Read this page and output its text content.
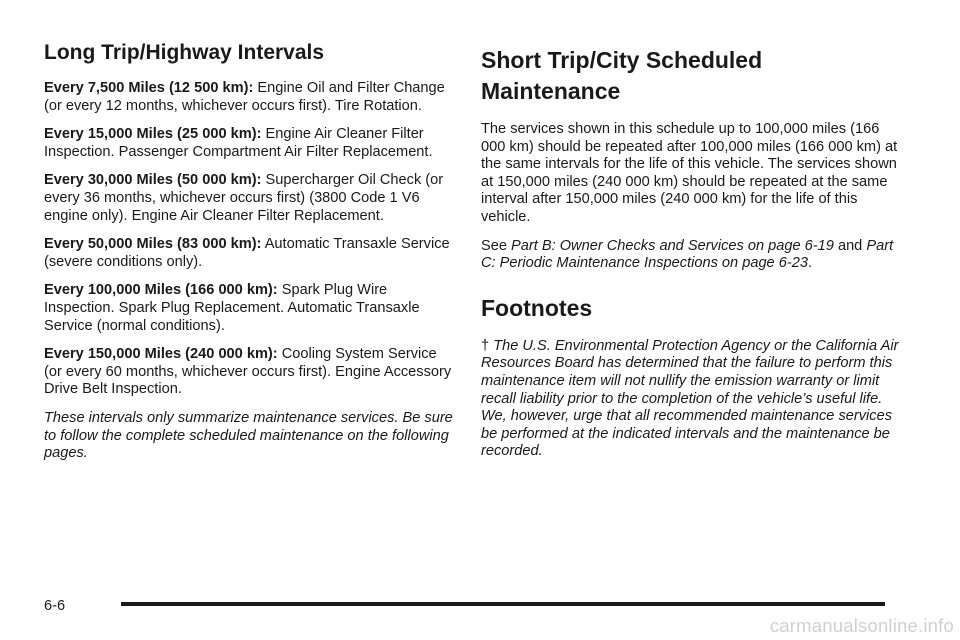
Long Trip/Highway Intervals

Every 7,500 Miles (12 500 km): Engine Oil and Filter Change (or every 12 months, whichever occurs first). Tire Rotation.

Every 15,000 Miles (25 000 km): Engine Air Cleaner Filter Inspection. Passenger Compartment Air Filter Replacement.

Every 30,000 Miles (50 000 km): Supercharger Oil Check (or every 36 months, whichever occurs first) (3800 Code 1 V6 engine only). Engine Air Cleaner Filter Replacement.

Every 50,000 Miles (83 000 km): Automatic Transaxle Service (severe conditions only).

Every 100,000 Miles (166 000 km): Spark Plug Wire Inspection. Spark Plug Replacement. Automatic Transaxle Service (normal conditions).

Every 150,000 Miles (240 000 km): Cooling System Service (or every 60 months, whichever occurs first). Engine Accessory Drive Belt Inspection.

These intervals only summarize maintenance services. Be sure to follow the complete scheduled maintenance on the following pages.

Short Trip/City Scheduled
Maintenance

The services shown in this schedule up to 100,000 miles (166 000 km) should be repeated after 100,000 miles (166 000 km) at the same intervals for the life of this vehicle. The services shown at 150,000 miles (240 000 km) should be repeated at the same interval after 150,000 miles (240 000 km) for the life of this vehicle.

See Part B: Owner Checks and Services on page 6-19 and Part C: Periodic Maintenance Inspections on page 6-23.

Footnotes

† The U.S. Environmental Protection Agency or the California Air Resources Board has determined that the failure to perform this maintenance item will not nullify the emission warranty or limit recall liability prior to the completion of the vehicle’s useful life. We, however, urge that all recommended maintenance services be performed at the indicated intervals and the maintenance be recorded.

6-6
carmanualsonline.info
